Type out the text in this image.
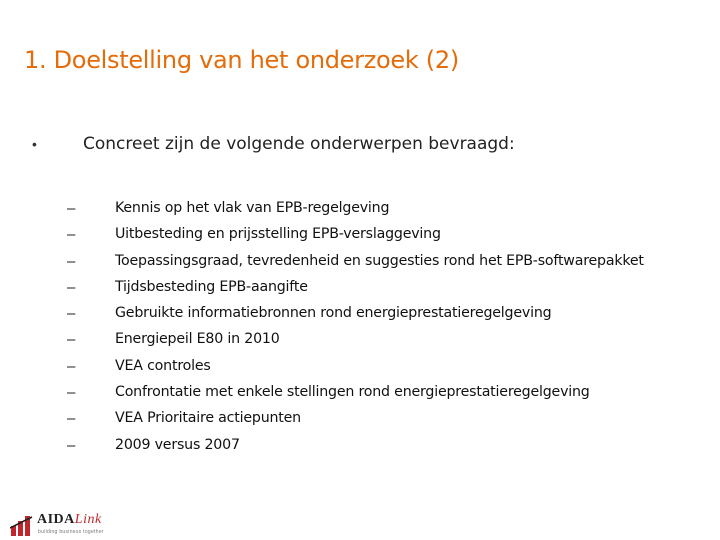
1. Doelstelling van het onderzoek (2)
•	Concreet zijn de volgende onderwerpen bevraagd:
–	Kennis op het vlak van EPB-regelgeving
–	Uitbesteding en prijsstelling EPB-verslaggeving
–	Toepassingsgraad, tevredenheid en suggesties rond het EPB-softwarepakket
–	Tijdsbesteding EPB-aangifte
–	Gebruikte informatiebronnen rond energieprestatieregelgeving
–	Energiepeil E80 in 2010
–	VEA controles
–	Confrontatie met enkele stellingen rond energieprestatieregelgeving
–	VEA Prioritaire actiepunten
–	2009 versus 2007
AIDALink
building business together
